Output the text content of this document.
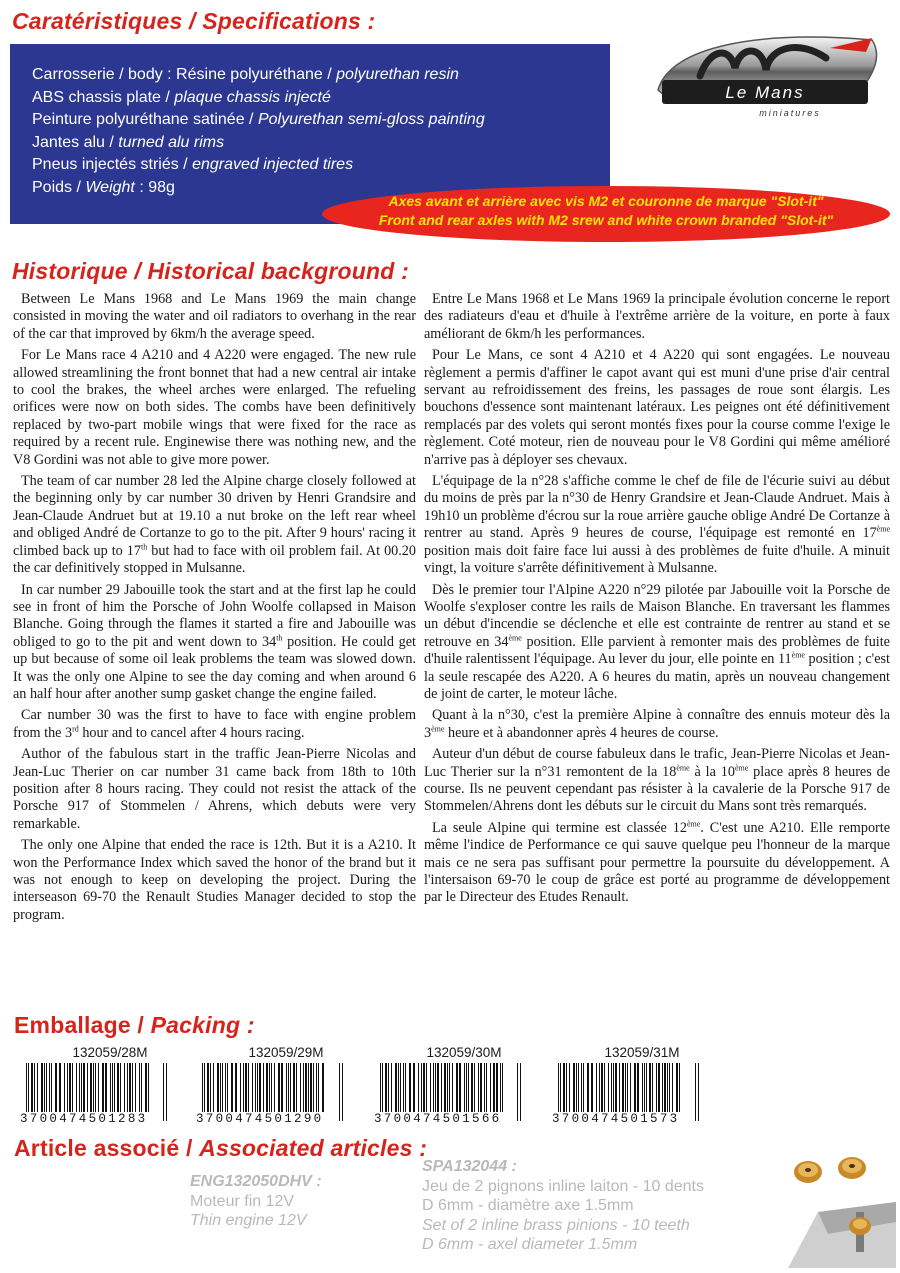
Caratéristiques / Specifications :
Carrosserie / body : Résine polyuréthane / polyurethan resin
ABS chassis plate / plaque chassis injecté
Peinture polyuréthane satinée / Polyurethan semi-gloss painting
Jantes alu / turned alu rims
Pneus injectés striés / engraved injected tires
Poids / Weight : 98g
Le Mans
miniatures
Axes avant et arrière avec vis M2 et couronne de marque "Slot-it"
Front and rear axles with M2 srew and white crown branded "Slot-it"
Historique / Historical background :

Between Le Mans 1968 and Le Mans 1969 the main change consisted in moving the water and oil radiators to overhang in the rear of the car that improved by 6km/h the average speed.

For Le Mans race 4 A210 and 4 A220 were engaged. The new rule allowed streamlining the front bonnet that had a new central air intake to cool the brakes, the wheel arches were enlarged. The refueling orifices were now on both sides. The combs have been definitively replaced by two-part mobile wings that were fixed for the race as required by a recent rule. Enginewise there was nothing new, and the V8 Gordini was not able to give more power.

The team of car number 28 led the Alpine charge closely followed at the beginning only by car number 30 driven by Henri Grandsire and Jean-Claude Andruet but at 19.10 a nut broke on the left rear wheel and obliged André de Cortanze to go to the pit. After 9 hours' racing it climbed back up to 17th but had to face with oil problem fail. At 00.20 the car definitively stopped in Mulsanne.

In car number 29 Jabouille took the start and at the first lap he could see in front of him the Porsche of John Woolfe collapsed in Maison Blanche. Going through the flames it started a fire and Jabouille was obliged to go to the pit and went down to 34th position. He could get up but because of some oil leak problems the team was slowed down. It was the only one Alpine to see the day coming and when around 6 an half hour after another sump gasket change the engine failed.

Car number 30 was the first to have to face with engine problem from the 3rd hour and to cancel after 4 hours racing.

Author of the fabulous start in the traffic Jean-Pierre Nicolas and Jean-Luc Therier on car number 31 came back from 18th to 10th position after 8 hours racing. They could not resist the attack of the Porsche 917 of Stommelen / Ahrens, which debuts were very remarkable.

The only one Alpine that ended the race is 12th. But it is a A210. It won the Performance Index which saved the honor of the brand but it was not enough to keep on developing the project. During the interseason 69-70 the Renault Studies Manager decided to stop the program.

Entre Le Mans 1968 et Le Mans 1969 la principale évolution concerne le report des radiateurs d'eau et d'huile à l'extrême arrière de la voiture, en porte à faux améliorant de 6km/h les performances.

Pour Le Mans, ce sont 4 A210 et 4 A220 qui sont engagées. Le nouveau règlement a permis d'affiner le capot avant qui est muni d'une prise d'air central servant au refroidissement des freins, les passages de roue sont élargis. Les bouchons d'essence sont maintenant latéraux. Les peignes ont été définitivement remplacés par des volets qui seront montés fixes pour la course comme l'exige le règlement. Coté moteur, rien de nouveau pour le V8 Gordini qui même amélioré n'arrive pas à déployer ses chevaux.

L'équipage de la n°28 s'affiche comme le chef de file de l'écurie suivi au début du moins de près par la n°30 de Henry Grandsire et Jean-Claude Andruet. Mais à 19h10 un problème d'écrou sur la roue arrière gauche oblige André De Cortanze à rentrer au stand. Après 9 heures de course, l'équipage est remonté en 17ème position mais doit faire face lui aussi à des problèmes de fuite d'huile. A minuit vingt, la voiture s'arrête définitivement à Mulsanne.

Dès le premier tour l'Alpine A220 n°29 pilotée par Jabouille voit la Porsche de Woolfe s'exploser contre les rails de Maison Blanche. En traversant les flammes un début d'incendie se déclenche et elle est contrainte de rentrer au stand et se retrouve en 34ème position. Elle parvient à remonter mais des problèmes de fuite d'huile ralentissent l'équipage. Au lever du jour, elle pointe en 11ème position ; c'est la seule rescapée des A220. A 6 heures du matin, après un nouveau changement de joint de carter, le moteur lâche.

Quant à la n°30, c'est la première Alpine à connaître des ennuis moteur dès la 3ème heure et à abandonner après 4 heures de course.

Auteur d'un début de course fabuleux dans le trafic, Jean-Pierre Nicolas et Jean-Luc Therier sur la n°31 remontent de la 18ème à la 10ème place après 8 heures de course. Ils ne peuvent cependant pas résister à la cavalerie de la Porsche 917 de Stommelen/Ahrens dont les débuts sur le circuit du Mans sont très remarqués.

La seule Alpine qui termine est classée 12ème. C'est une A210. Elle remporte même l'indice de Performance ce qui sauve quelque peu l'honneur de la marque mais ce ne sera pas suffisant pour permettre la poursuite du développement. A l'intersaison 69-70 le coup de grâce est porté au programme de développement par le Directeur des Etudes Renault.

Emballage / Packing :
132059/28M
3700474501283
132059/29M
3700474501290
132059/30M
3700474501566
132059/31M
3700474501573
Article associé / Associated articles :
ENG132050DHV :
Moteur fin 12V
Thin engine 12V
SPA132044 :
Jeu de 2 pignons inline laiton - 10 dents
D 6mm - diamètre axe 1.5mm
Set of 2 inline brass pinions - 10 teeth
D 6mm - axel diameter 1.5mm
